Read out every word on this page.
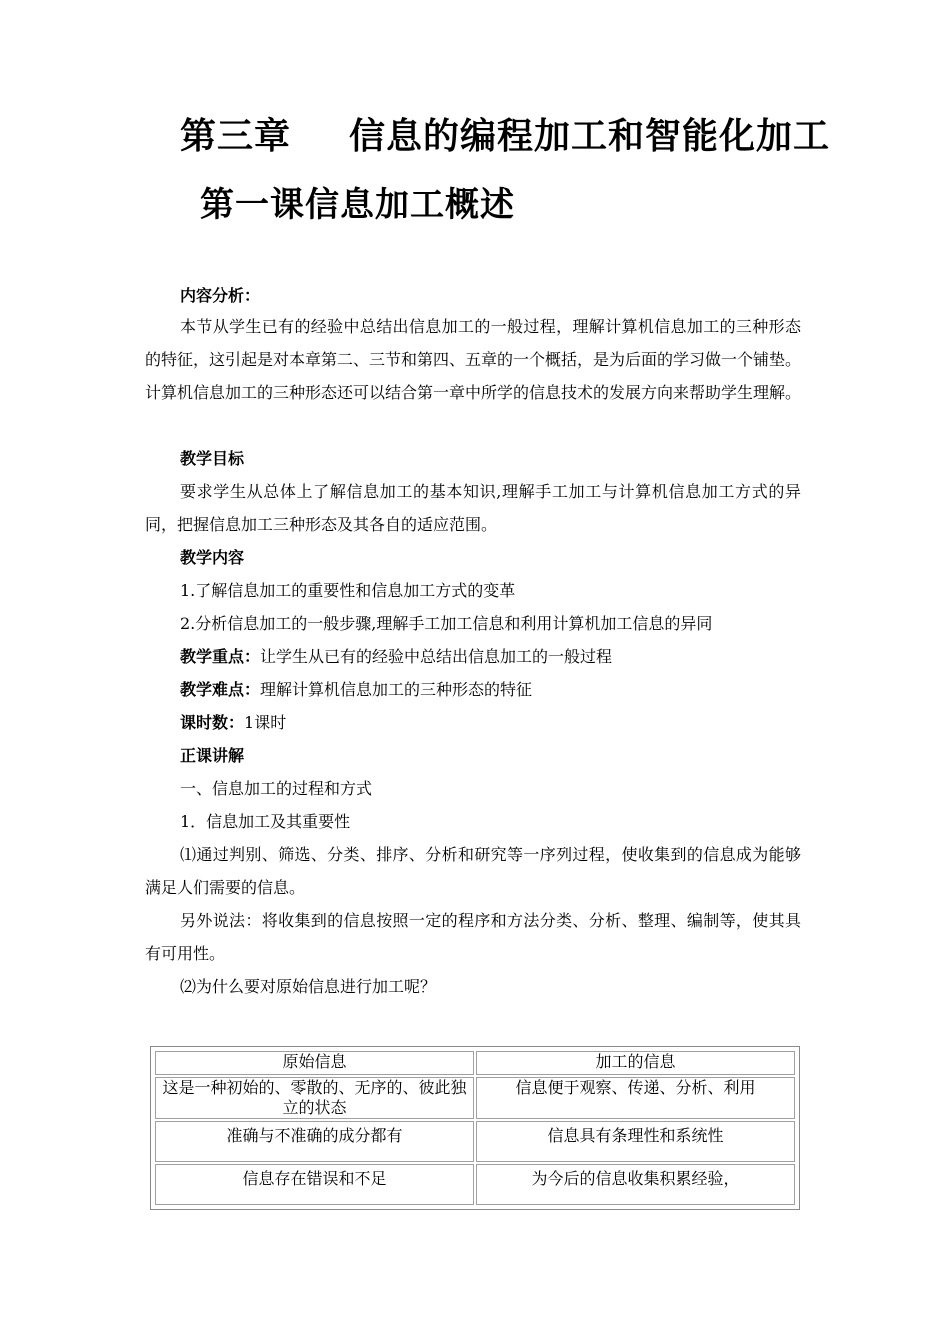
第三章 信息的编程加工和智能化加工
第一课信息加工概述
内容分析：
本节从学生已有的经验中总结出信息加工的一般过程，理解计算机信息加工的三种形态的特征，这引起是对本章第二、三节和第四、五章的一个概括，是为后面的学习做一个铺垫。计算机信息加工的三种形态还可以结合第一章中所学的信息技术的发展方向来帮助学生理解。
教学目标
要求学生从总体上了解信息加工的基本知识,理解手工加工与计算机信息加工方式的异同，把握信息加工三种形态及其各自的适应范围。
教学内容
1.了解信息加工的重要性和信息加工方式的变革
2.分析信息加工的一般步骤,理解手工加工信息和利用计算机加工信息的异同
教学重点：让学生从已有的经验中总结出信息加工的一般过程
教学难点：理解计算机信息加工的三种形态的特征
课时数：1课时
正课讲解
一、信息加工的过程和方式
1．信息加工及其重要性
⑴通过判别、筛选、分类、排序、分析和研究等一序列过程，使收集到的信息成为能够满足人们需要的信息。
另外说法：将收集到的信息按照一定的程序和方法分类、分析、整理、编制等，使其具有可用性。
⑵为什么要对原始信息进行加工呢？
原始信息	加工的信息
这是一种初始的、零散的、无序的、彼此独立的状态	信息便于观察、传递、分析、利用
准确与不准确的成分都有	信息具有条理性和系统性
信息存在错误和不足	为今后的信息收集积累经验，
